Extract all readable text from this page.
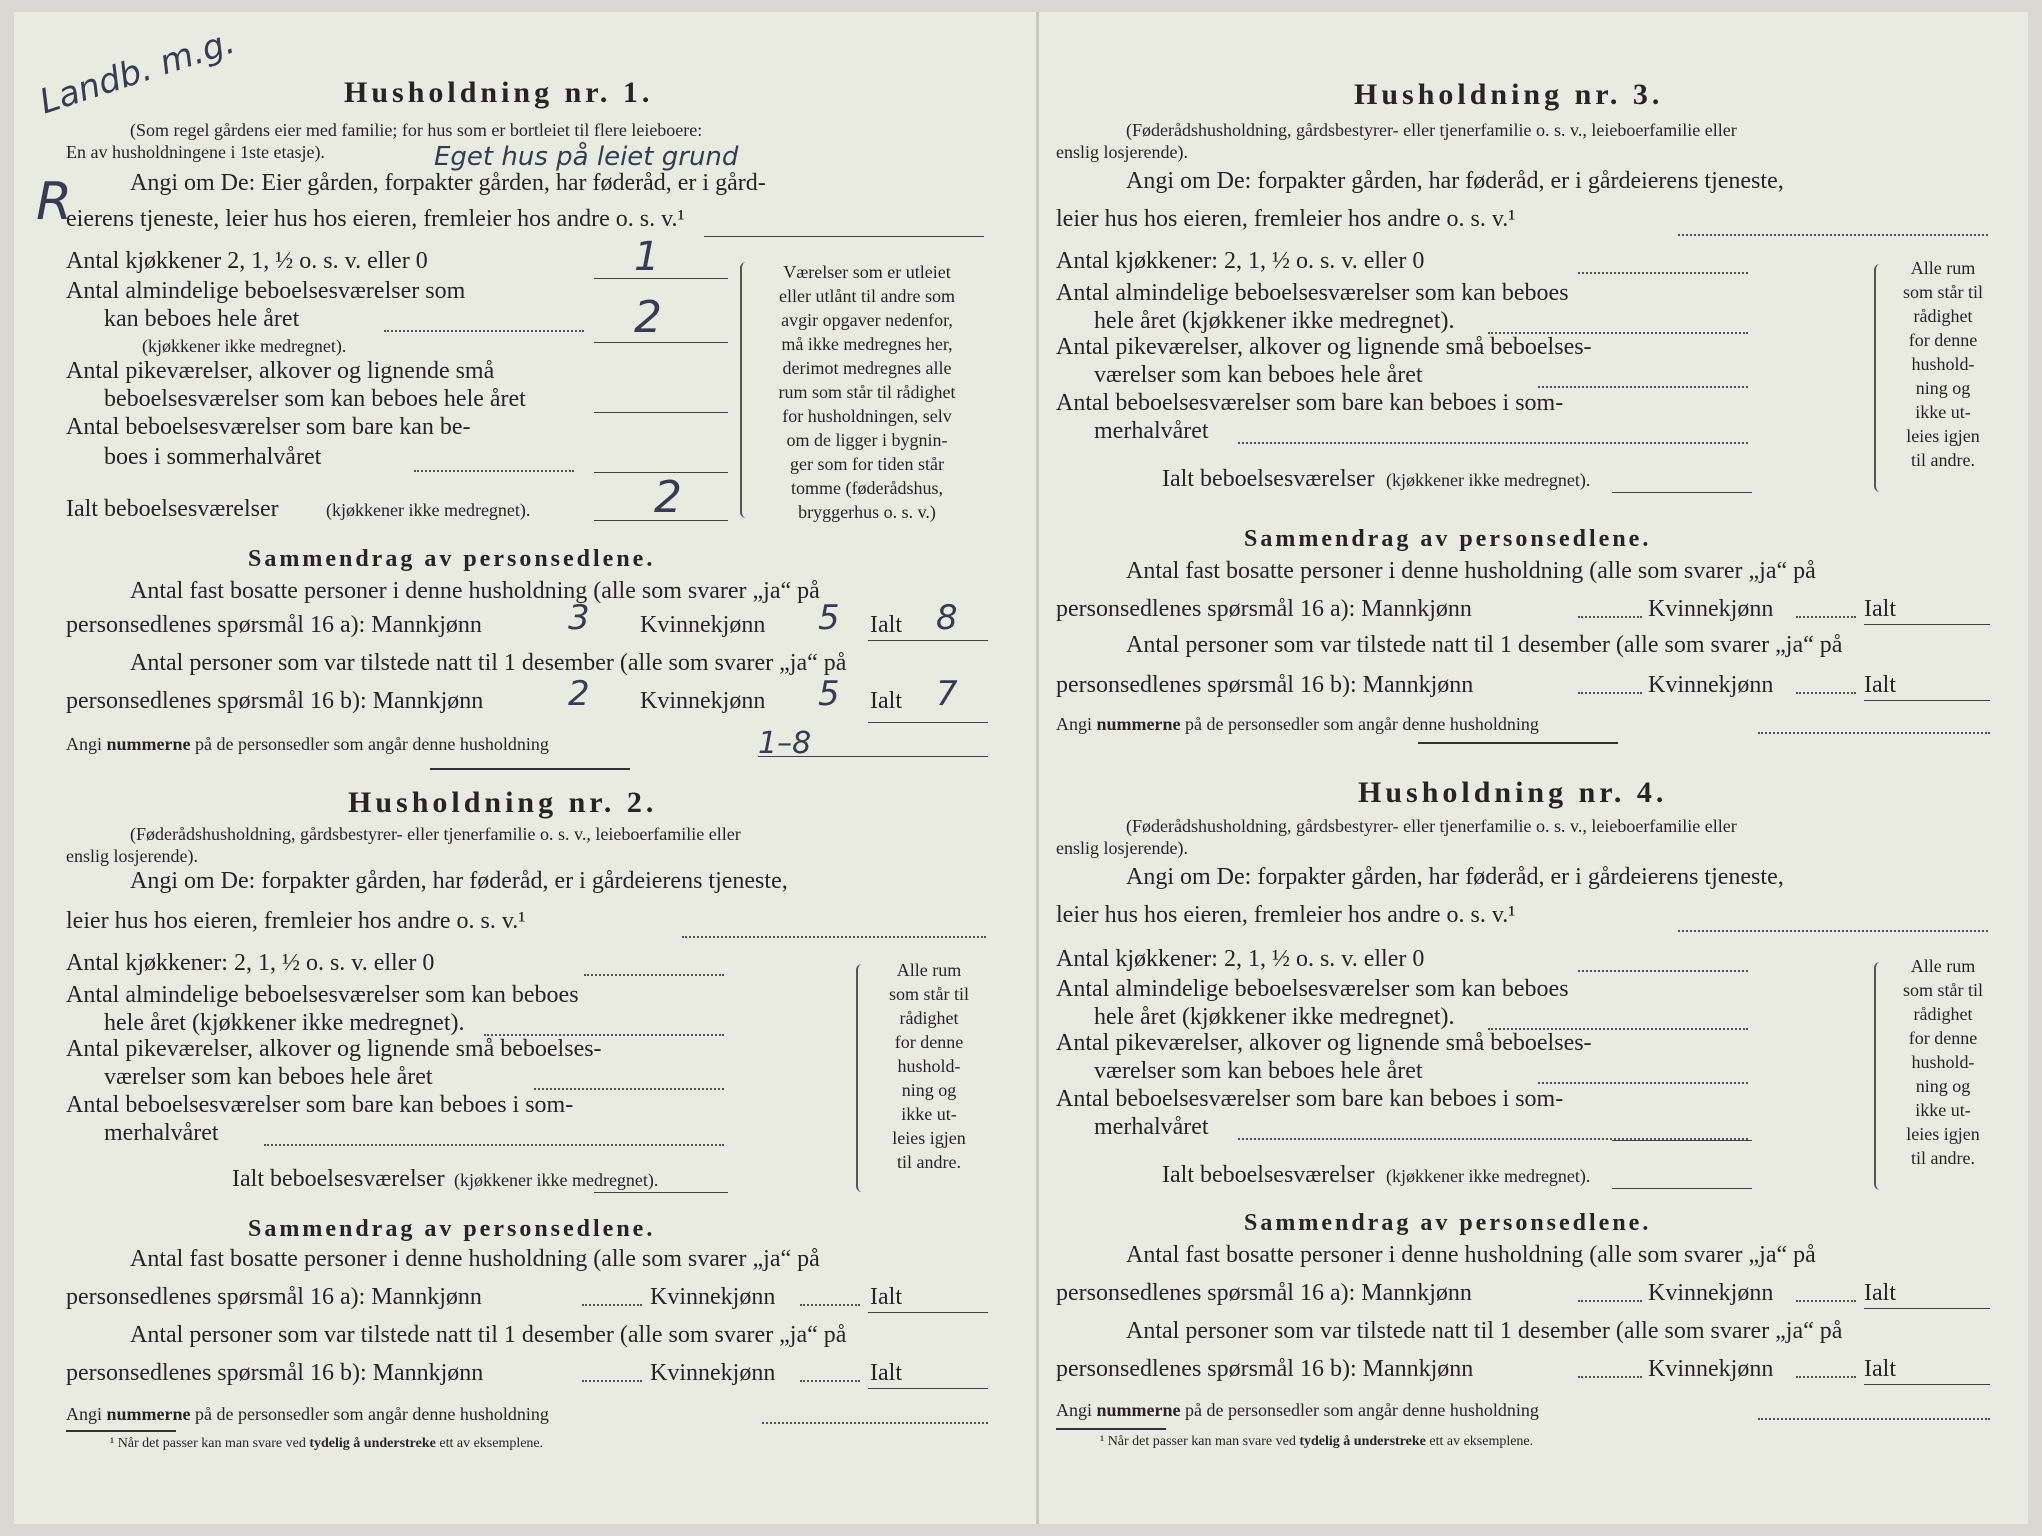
Landb. m.g.
R
Husholdning nr. 1.
(Som regel gårdens eier med familie; for hus som er bortleiet til flere leieboere:
En av husholdningene i 1ste etasje).	Eget hus på leiet grund
Angi om De: Eier gården, forpakter gården, har føderåd, er i gård-
eierens tjeneste, leier hus hos eieren, fremleier hos andre o. s. v.¹
Antal kjøkkener 2, 1, ½ o. s. v. eller 0	1
Antal almindelige beboelsesværelser som
kan beboes hele året	2
(kjøkkener ikke medregnet).
Antal pikeværelser, alkover og lignende små
beboelsesværelser som kan beboes hele året
Antal beboelsesværelser som bare kan be-
boes i sommerhalvåret
Ialt beboelsesværelser	(kjøkkener ikke medregnet).	2
Værelser som er utleiet
eller utlånt til andre som
avgir opgaver nedenfor,
må ikke medregnes her,
derimot medregnes alle
rum som står til rådighet
for husholdningen, selv
om de ligger i bygnin-
ger som for tiden står
tomme (føderådshus,
bryggerhus o. s. v.)
Sammendrag av personsedlene.
Antal fast bosatte personer i denne husholdning (alle som svarer „ja“ på
personsedlenes spørsmål 16 a): Mannkjønn	3 Kvinnekjønn 5 Ialt 8
Antal personer som var tilstede natt til 1 desember (alle som svarer „ja“ på
personsedlenes spørsmål 16 b): Mannkjønn 2 Kvinnekjønn 5 Ialt 7
Angi nummerne på de personsedler som angår denne husholdning	1–8
Husholdning nr. 2.
(Føderådshusholdning, gårdsbestyrer- eller tjenerfamilie o. s. v., leieboerfamilie eller
enslig losjerende).
Angi om De: forpakter gården, har føderåd, er i gårdeierens tjeneste,
leier hus hos eieren, fremleier hos andre o. s. v.¹
Antal kjøkkener: 2, 1, ½ o. s. v. eller 0
Antal almindelige beboelsesværelser som kan beboes
hele året (kjøkkener ikke medregnet).
Antal pikeværelser, alkover og lignende små beboelses-
værelser som kan beboes hele året
Antal beboelsesværelser som bare kan beboes i som-
merhalvåret
Ialt beboelsesværelser (kjøkkener ikke medregnet).
Alle rum
som står til
rådighet
for denne
hushold-
ning og
ikke ut-
leies igjen
til andre.
Sammendrag av personsedlene.
Antal fast bosatte personer i denne husholdning (alle som svarer „ja“ på
personsedlenes spørsmål 16 a): Mannkjønn	Kvinnekjønn	Ialt
Antal personer som var tilstede natt til 1 desember (alle som svarer „ja“ på
personsedlenes spørsmål 16 b): Mannkjønn	Kvinnekjønn	Ialt
Angi nummerne på de personsedler som angår denne husholdning
¹ Når det passer kan man svare ved tydelig å understreke ett av eksemplene.
Husholdning nr. 3.
(Føderådshusholdning, gårdsbestyrer- eller tjenerfamilie o. s. v., leieboerfamilie eller
enslig losjerende).
Angi om De: forpakter gården, har føderåd, er i gårdeierens tjeneste,
leier hus hos eieren, fremleier hos andre o. s. v.¹
Antal kjøkkener: 2, 1, ½ o. s. v. eller 0
Antal almindelige beboelsesværelser som kan beboes
hele året (kjøkkener ikke medregnet).
Antal pikeværelser, alkover og lignende små beboelses-
værelser som kan beboes hele året
Antal beboelsesværelser som bare kan beboes i som-
merhalvåret
Ialt beboelsesværelser (kjøkkener ikke medregnet).
Alle rum
som står til
rådighet
for denne
hushold-
ning og
ikke ut-
leies igjen
til andre.
Sammendrag av personsedlene.
Antal fast bosatte personer i denne husholdning (alle som svarer „ja“ på
personsedlenes spørsmål 16 a): Mannkjønn	Kvinnekjønn	Ialt
Antal personer som var tilstede natt til 1 desember (alle som svarer „ja“ på
personsedlenes spørsmål 16 b): Mannkjønn	Kvinnekjønn	Ialt
Angi nummerne på de personsedler som angår denne husholdning
Husholdning nr. 4.
(Føderådshusholdning, gårdsbestyrer- eller tjenerfamilie o. s. v., leieboerfamilie eller
enslig losjerende).
Angi om De: forpakter gården, har føderåd, er i gårdeierens tjeneste,
leier hus hos eieren, fremleier hos andre o. s. v.¹
Antal kjøkkener: 2, 1, ½ o. s. v. eller 0
Antal almindelige beboelsesværelser som kan beboes
hele året (kjøkkener ikke medregnet).
Antal pikeværelser, alkover og lignende små beboelses-
værelser som kan beboes hele året
Antal beboelsesværelser som bare kan beboes i som-
merhalvåret
Ialt beboelsesværelser (kjøkkener ikke medregnet).
Alle rum
som står til
rådighet
for denne
hushold-
ning og
ikke ut-
leies igjen
til andre.
Sammendrag av personsedlene.
Antal fast bosatte personer i denne husholdning (alle som svarer „ja“ på
personsedlenes spørsmål 16 a): Mannkjønn	Kvinnekjønn	Ialt
Antal personer som var tilstede natt til 1 desember (alle som svarer „ja“ på
personsedlenes spørsmål 16 b): Mannkjønn	Kvinnekjønn	Ialt
Angi nummerne på de personsedler som angår denne husholdning
¹ Når det passer kan man svare ved tydelig å understreke ett av eksemplene.
